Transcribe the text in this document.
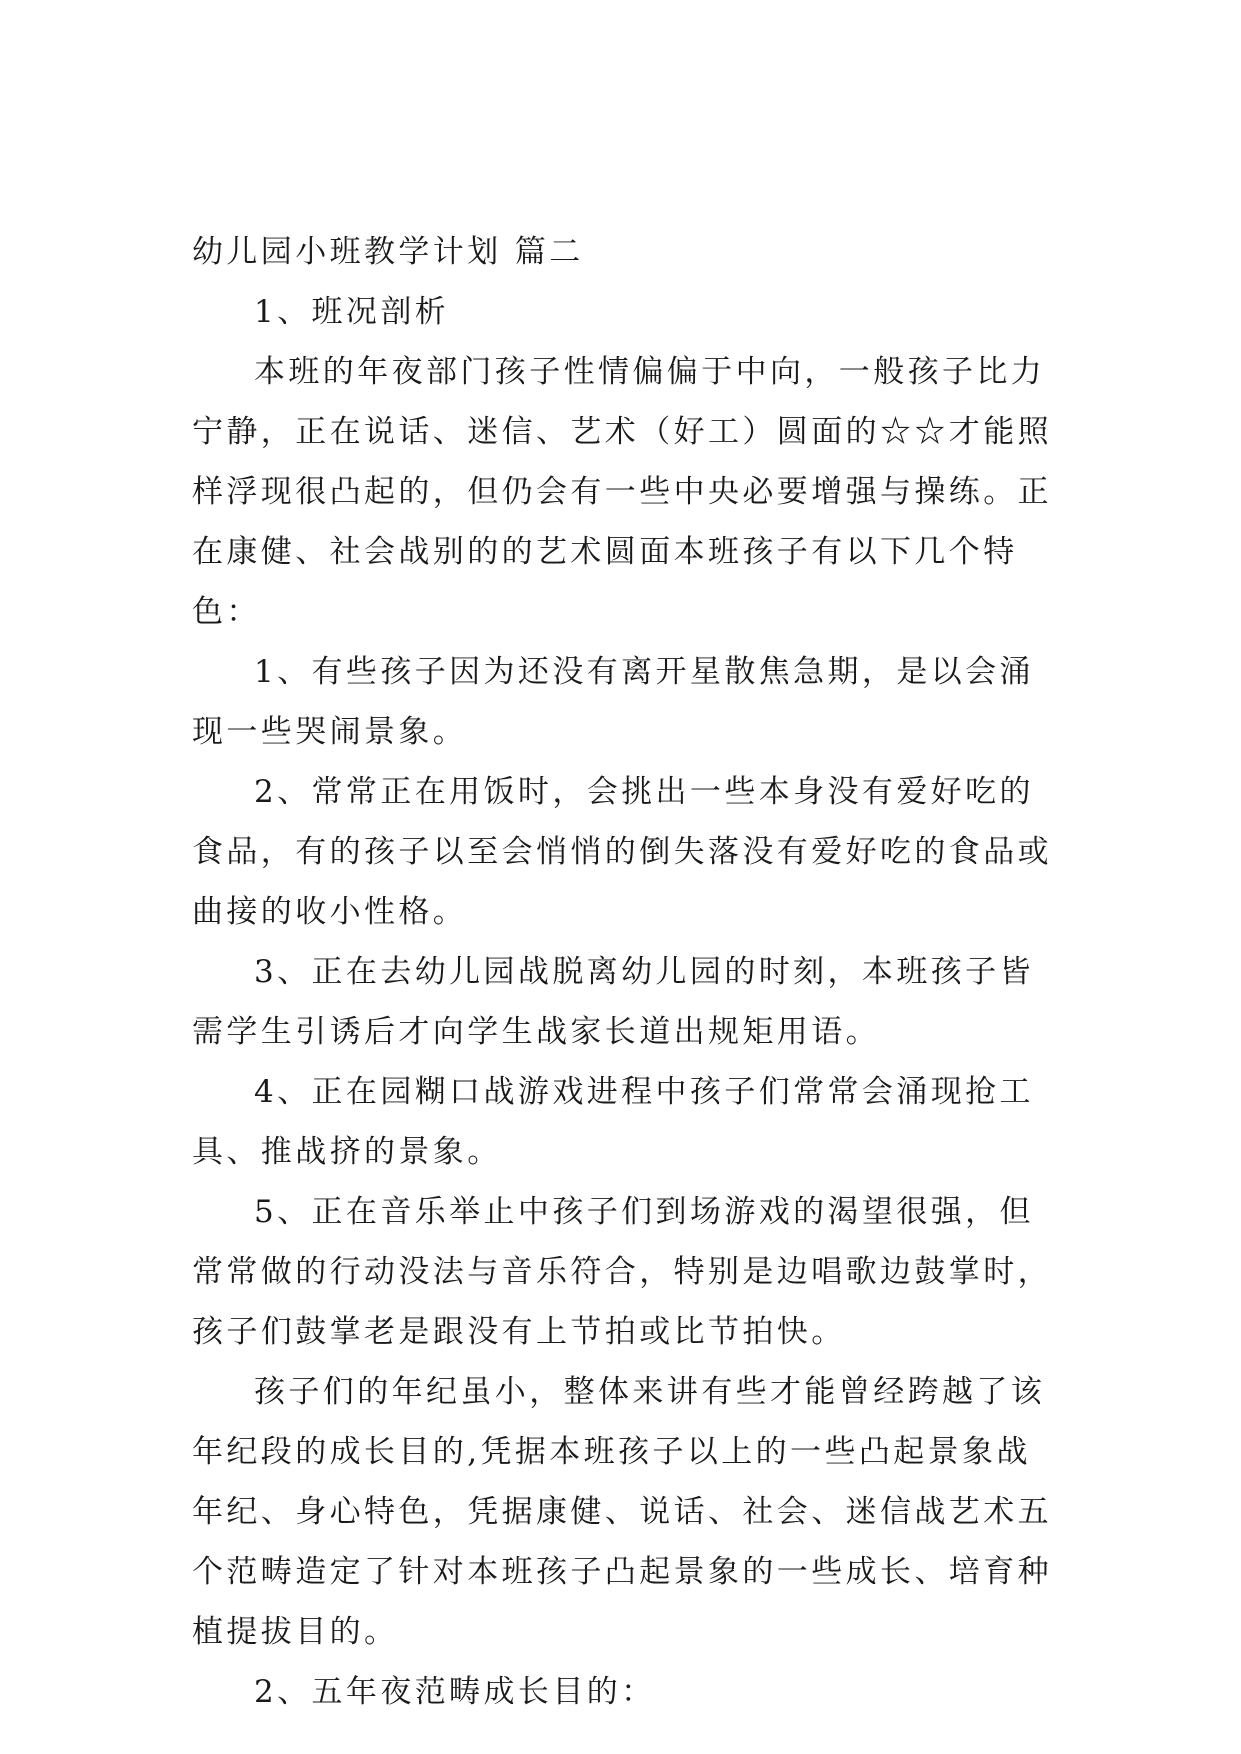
幼儿园小班教学计划 篇二

1、班况剖析

本班的年夜部门孩子性情偏偏于中向，一般孩子比力宁静，正在说话、迷信、艺术（好工）圆面的☆☆才能照样浮现很凸起的，但仍会有一些中央必要增强与操练。正在康健、社会战别的的艺术圆面本班孩子有以下几个特色：

1、有些孩子因为还没有离开星散焦急期，是以会涌现一些哭闹景象。

2、常常正在用饭时，会挑出一些本身没有爱好吃的食品，有的孩子以至会悄悄的倒失落没有爱好吃的食品或曲接的收小性格。

3、正在去幼儿园战脱离幼儿园的时刻，本班孩子皆需学生引诱后才向学生战家长道出规矩用语。

4、正在园糊口战游戏进程中孩子们常常会涌现抢工具、推战挤的景象。

5、正在音乐举止中孩子们到场游戏的渴望很强，但常常做的行动没法与音乐符合，特别是边唱歌边鼓掌时，孩子们鼓掌老是跟没有上节拍或比节拍快。

孩子们的年纪虽小，整体来讲有些才能曾经跨越了该年纪段的成长目的,凭据本班孩子以上的一些凸起景象战年纪、身心特色，凭据康健、说话、社会、迷信战艺术五个范畴造定了针对本班孩子凸起景象的一些成长、培育种植提拔目的。

2、五年夜范畴成长目的：
